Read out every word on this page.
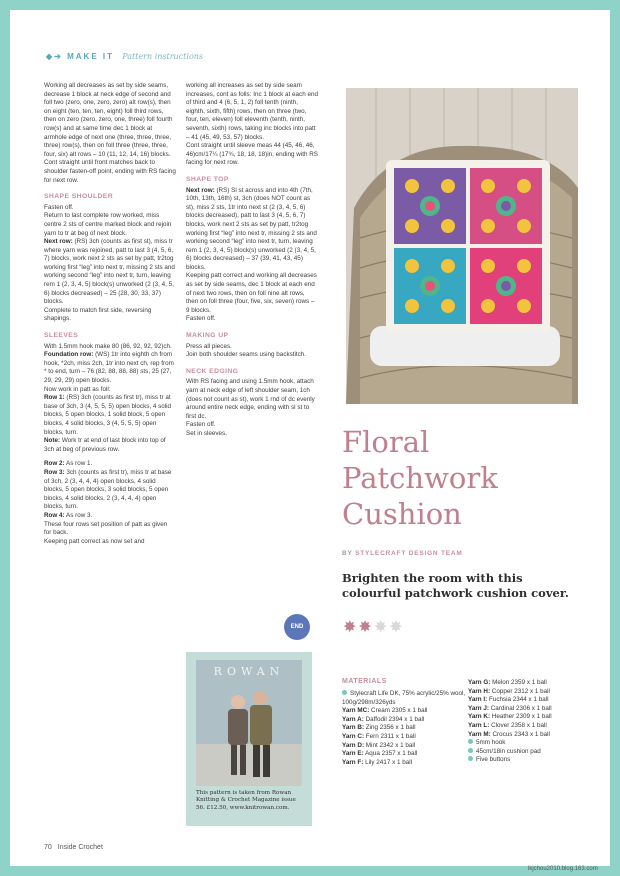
◆➔ MAKE IT Pattern instructions

Working all decreases as set by side seams, decrease 1 block at neck edge of second and foll two (zero, one, zero, zero) alt row(s), then on eight (ten, ten, ten, eight) foll third rows, then on zero (zero, zero, one, three) foll fourth row(s) and at same time dec 1 block at armhole edge of next one (three, three, three, three) row(s), then on foll three (three, three, four, six) alt rows – 10 (11, 12, 14, 16) blocks.

Cont straight until front matches back to shoulder fasten-off point, ending with RS facing for next row.

SHAPE SHOULDER

Fasten off.

Return to last complete row worked, miss centre 2 sts of centre marked block and rejoin yarn to tr at beg of next block.

Next row: (RS) 3ch (counts as first st), miss tr where yarn was rejoined, patt to last 3 (4, 5, 6, 7) blocks, work next 2 sts as set by patt, tr2tog working first “leg” into next tr, missing 2 sts and working second “leg” into next tr, turn, leaving rem 1 (2, 3, 4, 5) block(s) unworked (2 (3, 4, 5, 6) blocks decreased) – 25 (28, 30, 33, 37) blocks.

Complete to match first side, reversing shapings.

SLEEVES

With 1.5mm hook make 80 (86, 92, 92, 92)ch.

Foundation row: (WS) 1tr into eighth ch from hook, *2ch, miss 2ch, 1tr into next ch, rep from * to end, turn – 76 (82, 88, 88, 88) sts, 25 (27, 29, 29, 29) open blocks.

Now work in patt as foll:

Row 1: (RS) 3ch (counts as first tr), miss tr at base of 3ch, 3 (4, 5, 5, 5) open blocks, 4 solid blocks, 5 open blocks, 1 solid block, 5 open blocks, 4 solid blocks, 3 (4, 5, 5, 5) open blocks, turn.

Note: Work tr at end of last block into top of 3ch at beg of previous row.

Row 2: As row 1.

Row 3: 3ch (counts as first tr), miss tr at base of 3ch, 2 (3, 4, 4, 4) open blocks, 4 solid blocks, 5 open blocks, 3 solid blocks, 5 open blocks, 4 solid blocks, 2 (3, 4, 4, 4) open blocks, turn.

Row 4: As row 3.

These four rows set position of patt as given for back.

Keeping patt correct as now set and

working all increases as set by side seam increases, cont as folls: Inc 1 block at each end of third and 4 (6, 5, 1, 2) foll tenth (ninth, eighth, sixth, fifth) rows, then on three (two, four, ten, eleven) foll eleventh (tenth, ninth, seventh, sixth) rows, taking inc blocks into patt – 41 (45, 49, 53, 57) blocks.

Cont straight until sleeve meas 44 (45, 46, 46, 46)cm/17¼ (17¾, 18, 18, 18)in, ending with RS facing for next row.

SHAPE TOP

Next row: (RS) Sl st across and into 4th (7th, 10th, 13th, 16th) st, 3ch (does NOT count as st), miss 2 sts, 1tr into next st (2 (3, 4, 5, 6) blocks decreased), patt to last 3 (4, 5, 6, 7) blocks, work next 2 sts as set by patt, tr2tog working first “leg” into next tr, missing 2 sts and working second “leg” into next tr, turn, leaving rem 1 (2, 3, 4, 5) block(s) unworked (2 (3, 4, 5, 6) blocks decreased) – 37 (39, 41, 43, 45) blocks.

Keeping patt correct and working all decreases as set by side seams, dec 1 block at each end of next two rows, then on foll nine alt rows, then on foll three (four, five, six, seven) rows – 9 blocks.

Fasten off.

MAKING UP

Press all pieces.

Join both shoulder seams using backstitch.

NECK EDGING

With RS facing and using 1.5mm hook, attach yarn at neck edge of left shoulder seam, 1ch (does not count as st), work 1 rnd of dc evenly around entire neck edge, ending with sl st to first dc.

Fasten off.

Set in sleeves.

END
ROWAN
This pattern is taken from Rowan Knitting & Crochet Magazine issue 56. £12.50, www.knitrowan.com.
Floral
Patchwork
Cushion
BY STYLECRAFT DESIGN TEAM
Brighten the room with this colourful patchwork cushion cover.
✸ ✸ ✸ ✸
MATERIALS

Stylecraft Life DK, 75% acrylic/25% wool, 100g/298m/326yds

Yarn MC: Cream 2305 x 1 ball

Yarn A: Daffodil 2394 x 1 ball

Yarn B: Zing 2356 x 1 ball

Yarn C: Fern 2311 x 1 ball

Yarn D: Mint 2342 x 1 ball

Yarn E: Aqua 2357 x 1 ball

Yarn F: Lily 2417 x 1 ball

Yarn G: Melon 2359 x 1 ball

Yarn H: Copper 2312 x 1 ball

Yarn I: Fuchsia 2344 x 1 ball

Yarn J: Cardinal 2306 x 1 ball

Yarn K: Heather 2309 x 1 ball

Yarn L: Clover 2358 x 1 ball

Yarn M: Crocus 2343 x 1 ball

5mm hook

45cm/18in cushion pad

Five buttons

70 Inside Crochet
lkjchou2010.blog.163.com
